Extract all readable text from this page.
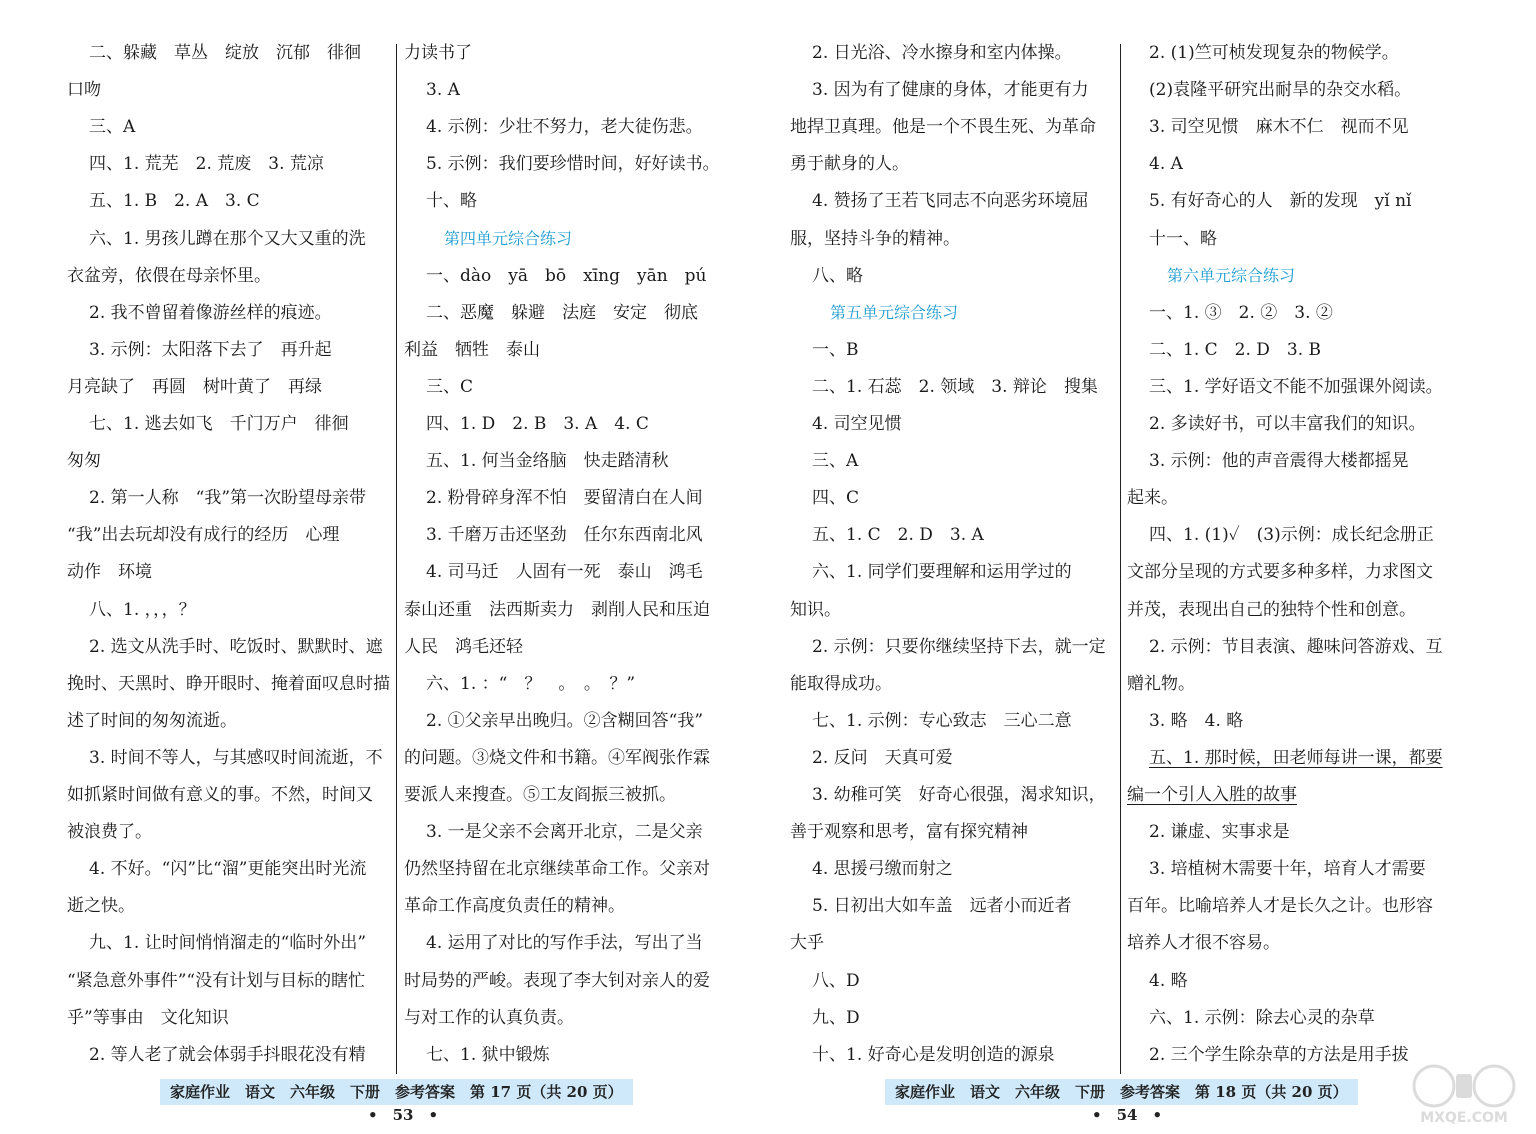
二、躲藏　草丛　绽放　沉郁　徘徊
口吻
三、A
四、1. 荒芜　2. 荒废　3. 荒凉
五、1. B　2. A　3. C
六、1. 男孩儿蹲在那个又大又重的洗
衣盆旁，依偎在母亲怀里。
2. 我不曾留着像游丝样的痕迹。
3. 示例：太阳落下去了　再升起
月亮缺了　再圆　树叶黄了　再绿
七、1. 逃去如飞　千门万户　徘徊
匆匆
2. 第一人称　“我”第一次盼望母亲带
“我”出去玩却没有成行的经历　心理
动作　环境
八、1. ，，，？
2. 选文从洗手时、吃饭时、默默时、遮
挽时、天黑时、睁开眼时、掩着面叹息时描
述了时间的匆匆流逝。
3. 时间不等人，与其感叹时间流逝，不
如抓紧时间做有意义的事。不然，时间又
被浪费了。
4. 不好。“闪”比“溜”更能突出时光流
逝之快。
九、1. 让时间悄悄溜走的“临时外出”
“紧急意外事件”“没有计划与目标的瞎忙
乎”等事由　文化知识
2. 等人老了就会体弱手抖眼花没有精
力读书了
3. A
4. 示例：少壮不努力，老大徒伤悲。
5. 示例：我们要珍惜时间，好好读书。
十、略
第四单元综合练习
一、dào　yā　bō　xīng　yān　pú
二、恶魔　躲避　法庭　安定　彻底
利益　牺牲　泰山
三、C
四、1. D　2. B　3. A　4. C
五、1. 何当金络脑　快走踏清秋
2. 粉骨碎身浑不怕　要留清白在人间
3. 千磨万击还坚劲　任尔东西南北风
4. 司马迁　人固有一死　泰山　鸿毛
泰山还重　法西斯卖力　剥削人民和压迫
人民　鸿毛还轻
六、1. ：“　？　。　。　？”
2. ①父亲早出晚归。②含糊回答“我”
的问题。③烧文件和书籍。④军阀张作霖
要派人来搜查。⑤工友阎振三被抓。
3. 一是父亲不会离开北京，二是父亲
仍然坚持留在北京继续革命工作。父亲对
革命工作高度负责任的精神。
4. 运用了对比的写作手法，写出了当
时局势的严峻。表现了李大钊对亲人的爱
与对工作的认真负责。
七、1. 狱中锻炼
2. 日光浴、冷水擦身和室内体操。
3. 因为有了健康的身体，才能更有力
地捍卫真理。他是一个不畏生死、为革命
勇于献身的人。
4. 赞扬了王若飞同志不向恶劣环境屈
服，坚持斗争的精神。
八、略
第五单元综合练习
一、B
二、1. 石蕊　2. 领域　3. 辩论　搜集
4. 司空见惯
三、A
四、C
五、1. C　2. D　3. A
六、1. 同学们要理解和运用学过的
知识。
2. 示例：只要你继续坚持下去，就一定
能取得成功。
七、1. 示例：专心致志　三心二意
2. 反问　天真可爱
3. 幼稚可笑　好奇心很强，渴求知识，
善于观察和思考，富有探究精神
4. 思援弓缴而射之
5. 日初出大如车盖　远者小而近者
大乎
八、D
九、D
十、1. 好奇心是发明创造的源泉
2. (1)竺可桢发现复杂的物候学。
(2)袁隆平研究出耐旱的杂交水稻。
3. 司空见惯　麻木不仁　视而不见
4. A
5. 有好奇心的人　新的发现　yǐ nǐ
十一、略
第六单元综合练习
一、1. ③　2. ②　3. ②
二、1. C　2. D　3. B
三、1. 学好语文不能不加强课外阅读。
2. 多读好书，可以丰富我们的知识。
3. 示例：他的声音震得大楼都摇晃
起来。
四、1. (1)✓　(3)示例：成长纪念册正
文部分呈现的方式要多种多样，力求图文
并茂，表现出自己的独特个性和创意。
2. 示例：节目表演、趣味问答游戏、互
赠礼物。
3. 略　4. 略
五、1. 那时候，田老师每讲一课，都要
编一个引人入胜的故事
2. 谦虚、实事求是
3. 培植树木需要十年，培育人才需要
百年。比喻培养人才是长久之计。也形容
培养人才很不容易。
4. 略
六、1. 示例：除去心灵的杂草
2. 三个学生除杂草的方法是用手拔
家庭作业　语文　六年级　下册　参考答案　第 17 页（共 20 页）	家庭作业　语文　六年级　下册　参考答案　第 18 页（共 20 页）
•　53　•	•　54　•	MXQE.COM
